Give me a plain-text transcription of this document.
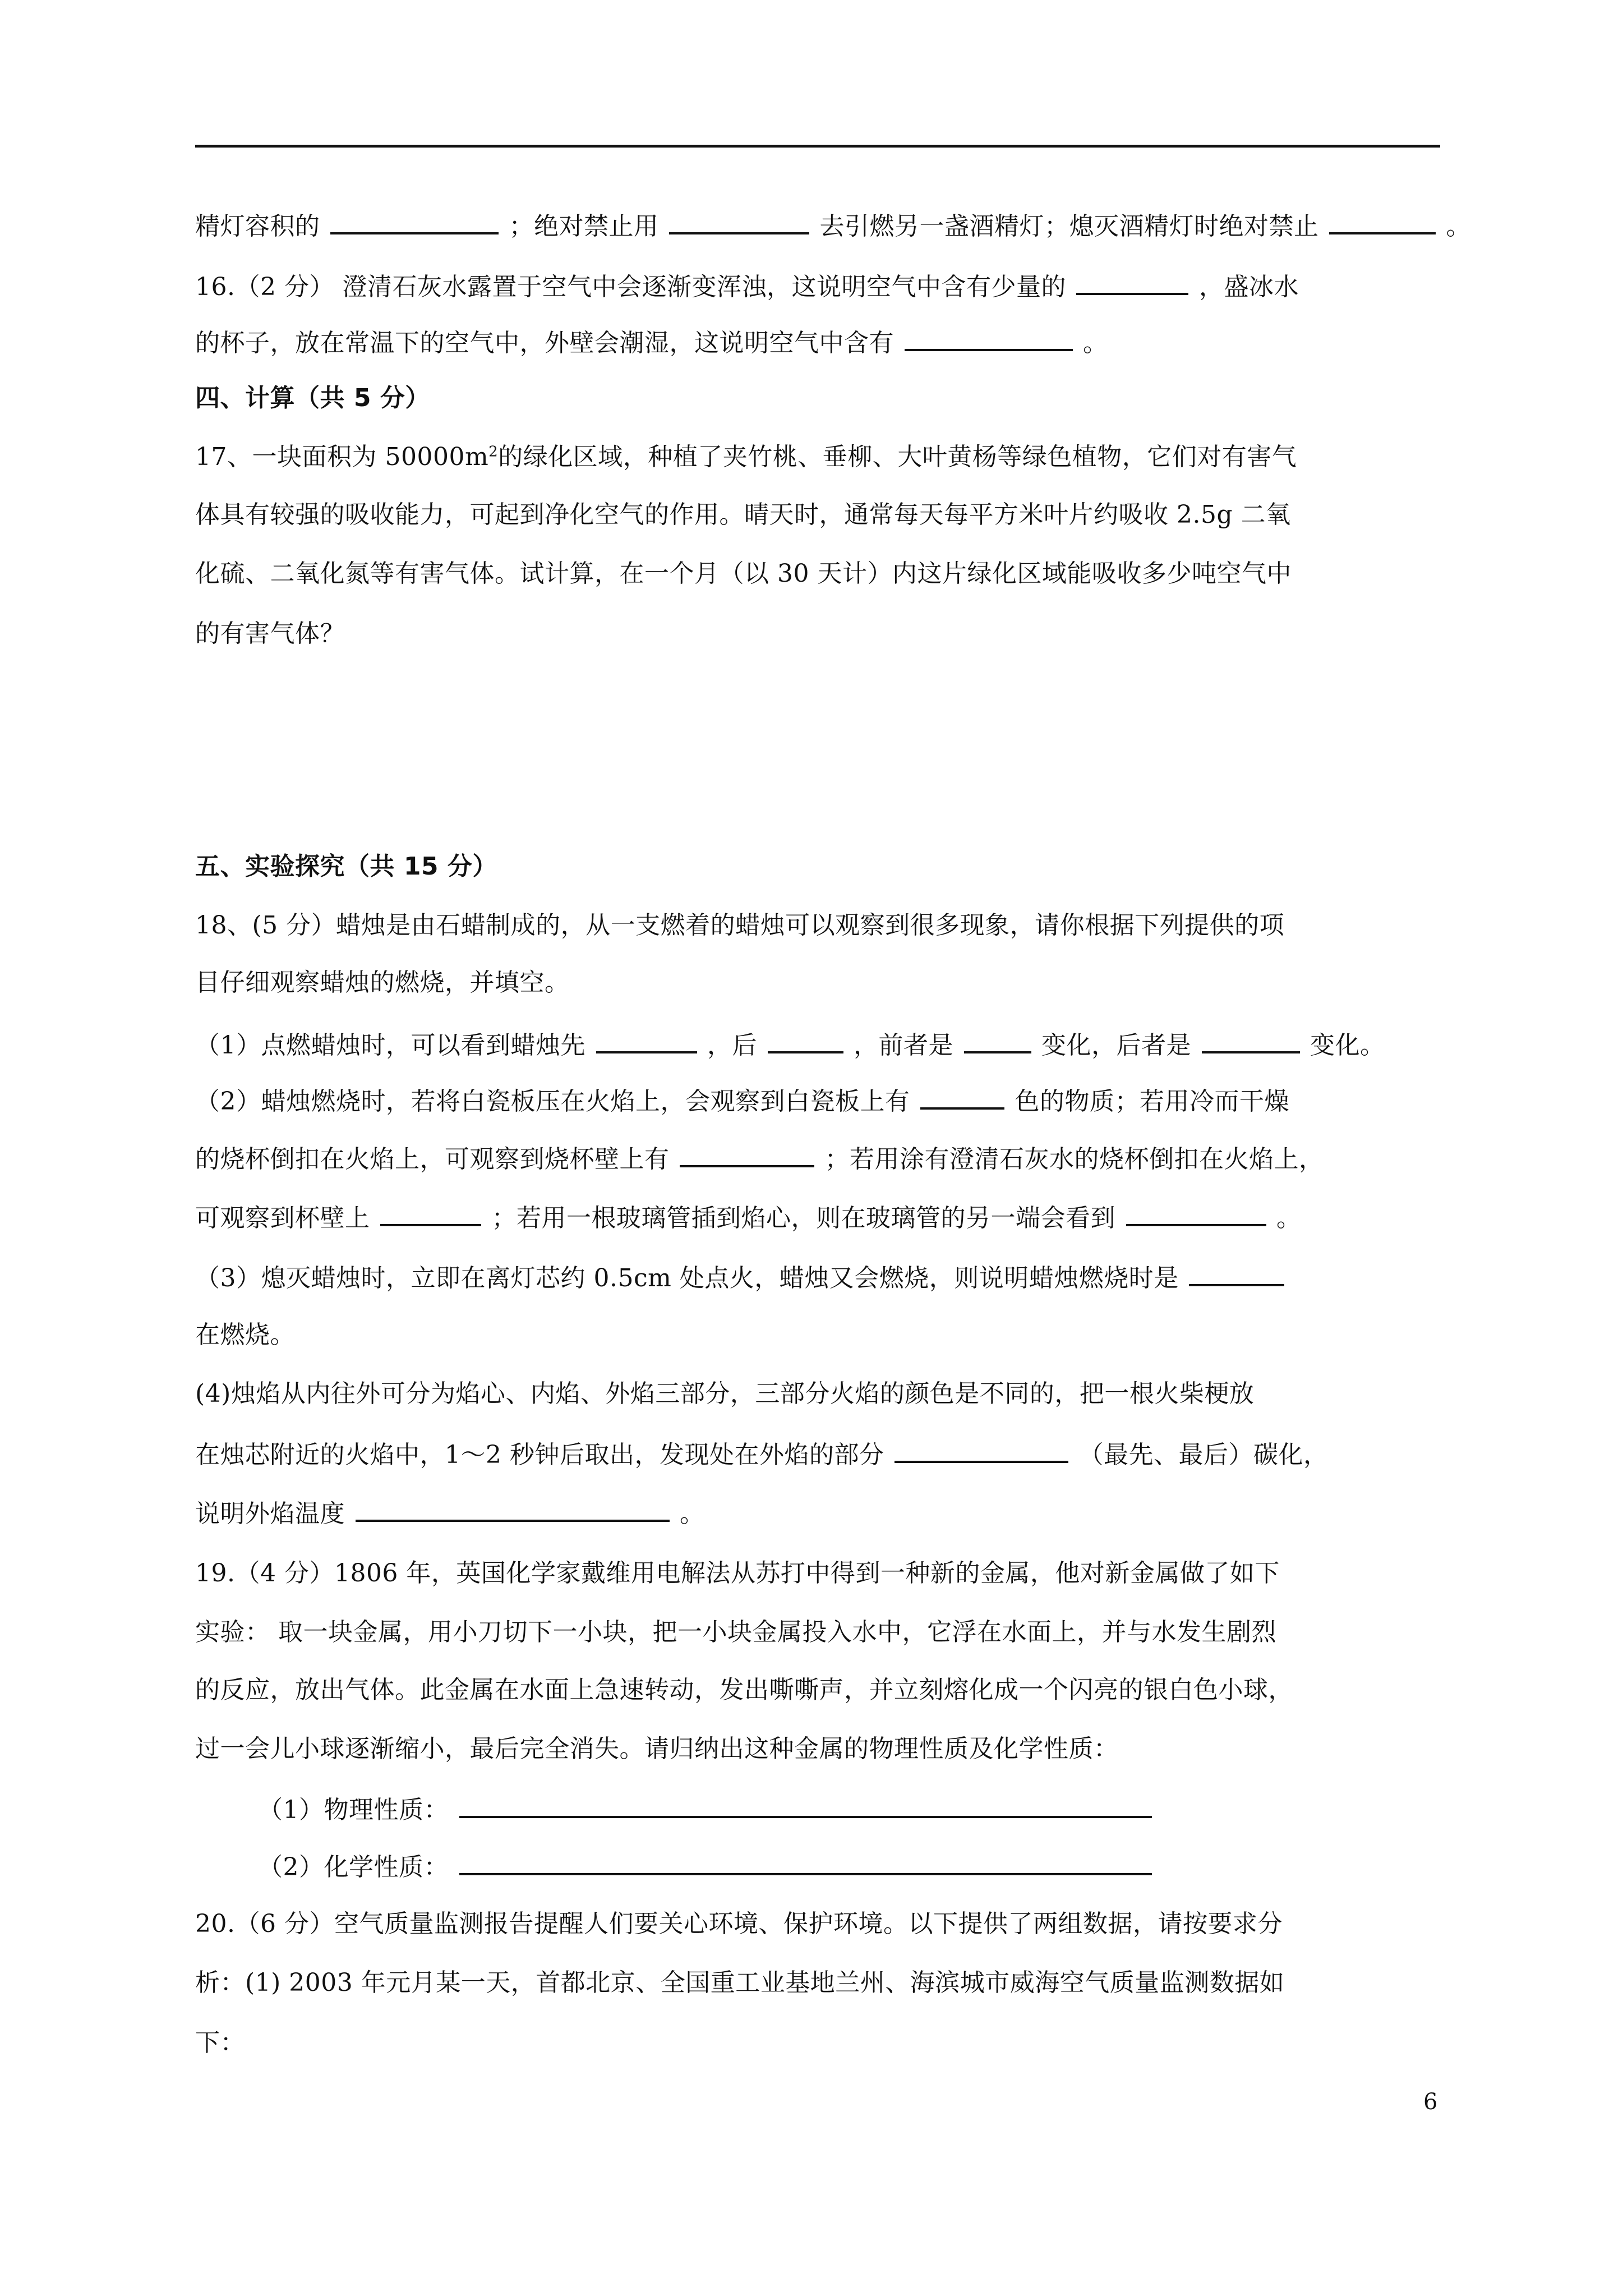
精灯容积的	；绝对禁止用	去引燃另一盏酒精灯；熄灭酒精灯时绝对禁止	。
16.（2 分） 澄清石灰水露置于空气中会逐渐变浑浊，这说明空气中含有少量的	，盛冰水
的杯子，放在常温下的空气中，外壁会潮湿，这说明空气中含有	。
四、计算（共 5 分）
17、一块面积为 $50000m^2$的绿化区域，种植了夹竹桃、垂柳、大叶黄杨等绿色植物，它们对有害气
体具有较强的吸收能力，可起到净化空气的作用。晴天时，通常每天每平方米叶片约吸收 2.5g 二氧
化硫、二氧化氮等有害气体。试计算，在一个月（以 30 天计）内这片绿化区域能吸收多少吨空气中
的有害气体？
五、实验探究（共 15 分）
18、(5 分）蜡烛是由石蜡制成的，从一支燃着的蜡烛可以观察到很多现象，请你根据下列提供的项
目仔细观察蜡烛的燃烧，并填空。
（1）点燃蜡烛时，可以看到蜡烛先	，后	，前者是	变化，后者是	变化。
（2）蜡烛燃烧时，若将白瓷板压在火焰上，会观察到白瓷板上有	色的物质；若用冷而干燥
的烧杯倒扣在火焰上，可观察到烧杯壁上有	；若用涂有澄清石灰水的烧杯倒扣在火焰上，
可观察到杯壁上	；若用一根玻璃管插到焰心，则在玻璃管的另一端会看到	。
（3）熄灭蜡烛时，立即在离灯芯约 0.5cm 处点火，蜡烛又会燃烧，则说明蜡烛燃烧时是
在燃烧。
(4)烛焰从内往外可分为焰心、内焰、外焰三部分，三部分火焰的颜色是不同的，把一根火柴梗放
在烛芯附近的火焰中，1～2 秒钟后取出，发现处在外焰的部分	（最先、最后）碳化，
说明外焰温度	。
19.（4 分）1806 年，英国化学家戴维用电解法从苏打中得到一种新的金属，他对新金属做了如下
实验： 取一块金属，用小刀切下一小块，把一小块金属投入水中，它浮在水面上，并与水发生剧烈
的反应，放出气体。此金属在水面上急速转动，发出嘶嘶声，并立刻熔化成一个闪亮的银白色小球，
过一会儿小球逐渐缩小，最后完全消失。请归纳出这种金属的物理性质及化学性质：
（1）物理性质：
（2）化学性质：
20.（6 分）空气质量监测报告提醒人们要关心环境、保护环境。以下提供了两组数据，请按要求分
析：(1) 2003 年元月某一天，首都北京、全国重工业基地兰州、海滨城市威海空气质量监测数据如
下：
6
